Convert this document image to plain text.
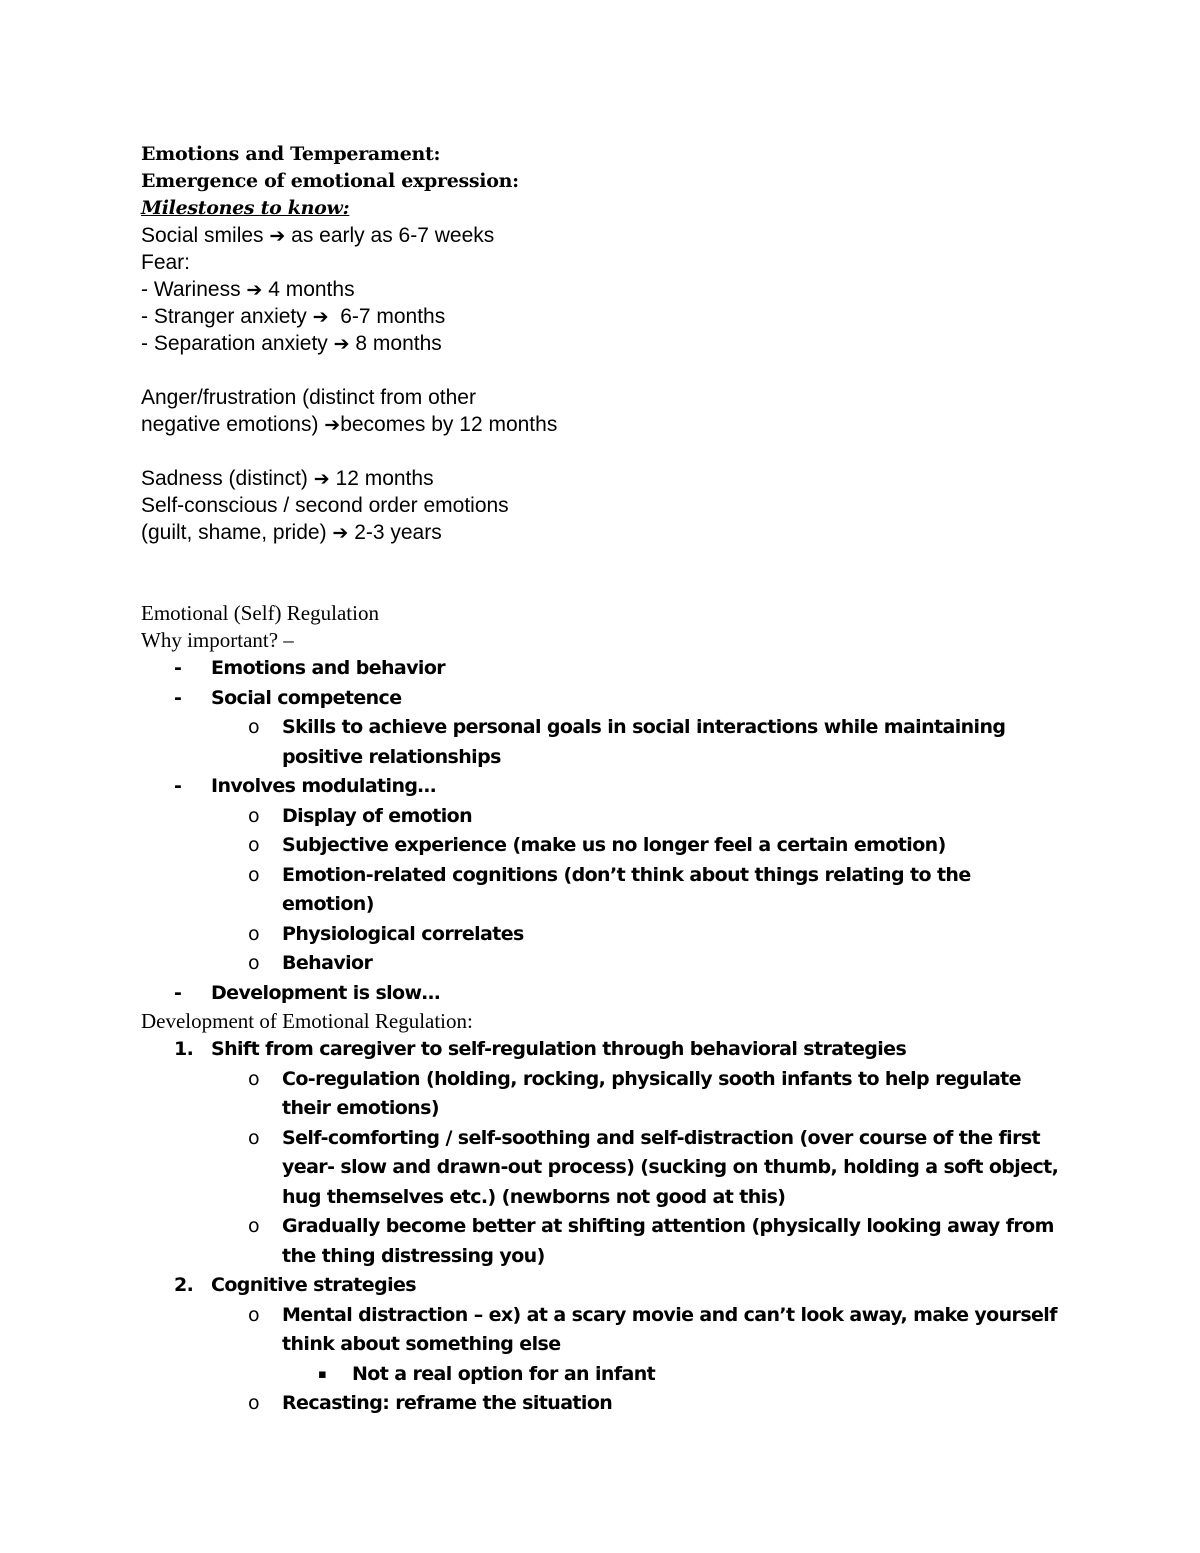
Emotions and Temperament:
Emergence of emotional expression:
Milestones to know:
Social smiles ➔ as early as 6-7 weeks
Fear:
- Wariness ➔ 4 months
- Stranger anxiety ➔ 6-7 months
- Separation anxiety ➔ 8 months
Anger/frustration (distinct from other
negative emotions) ➔becomes by 12 months
Sadness (distinct) ➔ 12 months
Self-conscious / second order emotions
(guilt, shame, pride) ➔ 2-3 years
Emotional (Self) Regulation
Why important? –
- Emotions and behavior
- Social competence
o Skills to achieve personal goals in social interactions while maintaining positive relationships
- Involves modulating…
o Display of emotion
o Subjective experience (make us no longer feel a certain emotion)
o Emotion-related cognitions (don’t think about things relating to the emotion)
o Physiological correlates
o Behavior
- Development is slow…
Development of Emotional Regulation:
1. Shift from caregiver to self-regulation through behavioral strategies
o Co-regulation (holding, rocking, physically sooth infants to help regulate their emotions)
o Self-comforting / self-soothing and self-distraction (over course of the first year- slow and drawn-out process) (sucking on thumb, holding a soft object, hug themselves etc.) (newborns not good at this)
o Gradually become better at shifting attention (physically looking away from the thing distressing you)
2. Cognitive strategies
o Mental distraction – ex) at a scary movie and can’t look away, make yourself think about something else
▪ Not a real option for an infant
o Recasting: reframe the situation
